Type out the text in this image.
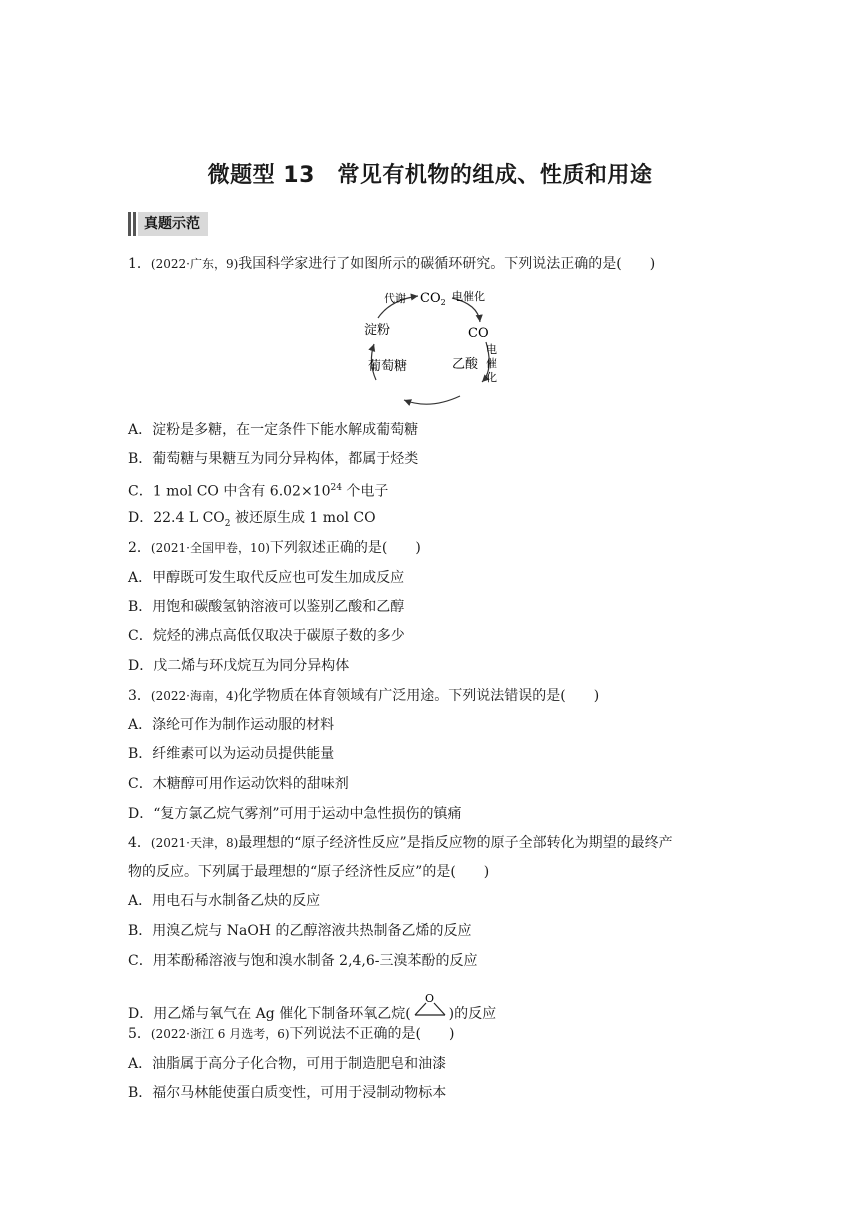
微题型 13　常见有机物的组成、性质和用途
真题示范
1．(2022·广东，9)我国科学家进行了如图所示的碳循环研究。下列说法正确的是( )
$CO_2$
代谢	电催化
CO
电
催
化
乙酸
葡萄糖
淀粉
A．淀粉是多糖，在一定条件下能水解成葡萄糖
B．葡萄糖与果糖互为同分异构体，都属于烃类
C．1 mol CO 中含有 $6.02\times 10^{24}$ 个电子
D．22.4 L $CO_2$ 被还原生成 1 mol CO
2．(2021·全国甲卷，10)下列叙述正确的是( )
A．甲醇既可发生取代反应也可发生加成反应
B．用饱和碳酸氢钠溶液可以鉴别乙酸和乙醇
C．烷烃的沸点高低仅取决于碳原子数的多少
D．戊二烯与环戊烷互为同分异构体
3．(2022·海南，4)化学物质在体育领域有广泛用途。下列说法错误的是( )
A．涤纶可作为制作运动服的材料
B．纤维素可以为运动员提供能量
C．木糖醇可用作运动饮料的甜味剂
D．“复方氯乙烷气雾剂”可用于运动中急性损伤的镇痛
4．(2021·天津，8)最理想的“原子经济性反应”是指反应物的原子全部转化为期望的最终产
物的反应。下列属于最理想的“原子经济性反应”的是( )
A．用电石与水制备乙炔的反应
B．用溴乙烷与 NaOH 的乙醇溶液共热制备乙烯的反应
C．用苯酚稀溶液与饱和溴水制备 2,4,6-三溴苯酚的反应
D．用乙烯与氧气在 Ag 催化下制备环氧乙烷(
O
)的反应
5．(2022·浙江 6 月选考，6)下列说法不正确的是( )
A．油脂属于高分子化合物，可用于制造肥皂和油漆
B．福尔马林能使蛋白质变性，可用于浸制动物标本
